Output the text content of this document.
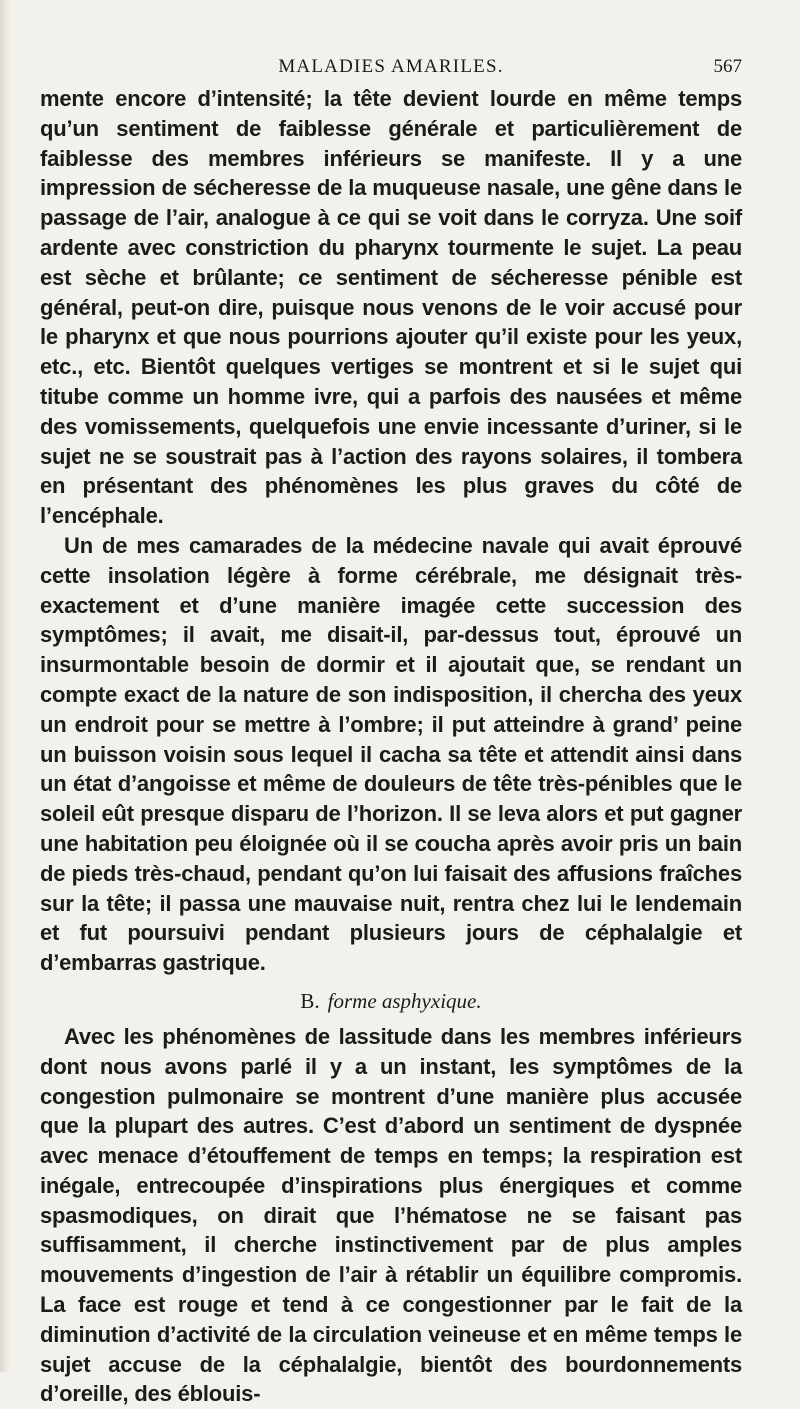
MALADIES AMARILES.	567

mente encore d’intensité; la tête devient lourde en même temps qu’un sentiment de faiblesse générale et particulièrement de faiblesse des membres inférieurs se manifeste. Il y a une impression de sécheresse de la muqueuse nasale, une gêne dans le passage de l’air, analogue à ce qui se voit dans le corryza. Une soif ardente avec constriction du pharynx tourmente le sujet. La peau est sèche et brûlante; ce sentiment de sécheresse pénible est général, peut-on dire, puisque nous venons de le voir accusé pour le pharynx et que nous pourrions ajouter qu’il existe pour les yeux, etc., etc. Bientôt quelques vertiges se montrent et si le sujet qui titube comme un homme ivre, qui a parfois des nausées et même des vomissements, quelquefois une envie incessante d’uriner, si le sujet ne se soustrait pas à l’action des rayons solaires, il tombera en présentant des phénomènes les plus graves du côté de l’encéphale.

Un de mes camarades de la médecine navale qui avait éprouvé cette insolation légère à forme cérébrale, me désignait très-exactement et d’une manière imagée cette succession des symptômes; il avait, me disait-il, par-dessus tout, éprouvé un insurmontable besoin de dormir et il ajoutait que, se rendant un compte exact de la nature de son indisposition, il chercha des yeux un endroit pour se mettre à l’ombre; il put atteindre à grand’ peine un buisson voisin sous lequel il cacha sa tête et attendit ainsi dans un état d’angoisse et même de douleurs de tête très-pénibles que le soleil eût presque disparu de l’horizon. Il se leva alors et put gagner une habitation peu éloignée où il se coucha après avoir pris un bain de pieds très-chaud, pendant qu’on lui faisait des affusions fraîches sur la tête; il passa une mauvaise nuit, rentra chez lui le lendemain et fut poursuivi pendant plusieurs jours de céphalalgie et d’embarras gastrique.

B. forme asphyxique.

Avec les phénomènes de lassitude dans les membres inférieurs dont nous avons parlé il y a un instant, les symptômes de la congestion pulmonaire se montrent d’une manière plus accusée que la plupart des autres. C’est d’abord un sentiment de dyspnée avec menace d’étouffement de temps en temps; la respiration est inégale, entrecoupée d’inspirations plus énergiques et comme spasmodiques, on dirait que l’hématose ne se faisant pas suffisamment, il cherche instinctivement par de plus amples mouvements d’ingestion de l’air à rétablir un équilibre compromis. La face est rouge et tend à ce congestionner par le fait de la diminution d’activité de la circulation veineuse et en même temps le sujet accuse de la céphalalgie, bientôt des bourdonnements d’oreille, des éblouis-
